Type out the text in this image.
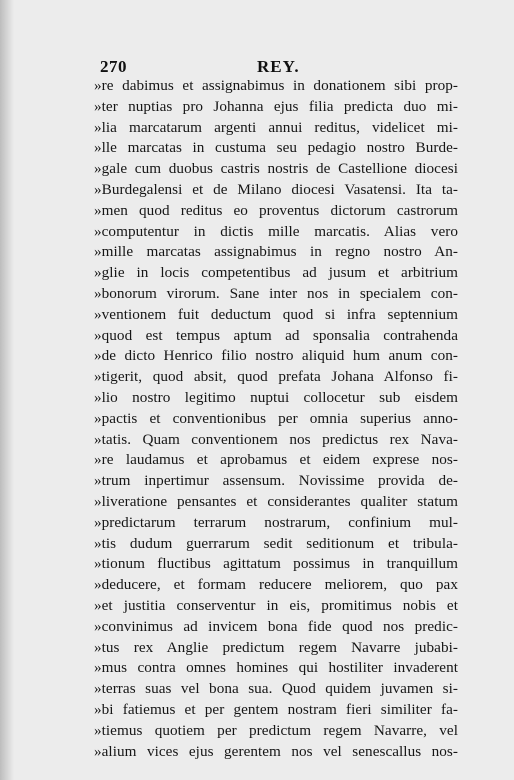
270	REY.
»re dabimus et assignabimus in donationem sibi prop-
»ter nuptias pro Johanna ejus filia predicta duo mi-
»lia marcatarum argenti annui reditus, videlicet mi-
»lle marcatas in custuma seu pedagio nostro Burde-
»gale cum duobus castris nostris de Castellione diocesi
»Burdegalensi et de Milano diocesi Vasatensi. Ita ta-
»men quod reditus eo proventus dictorum castrorum
»computentur in dictis mille marcatis. Alias vero
»mille marcatas assignabimus in regno nostro An-
»glie in locis competentibus ad jusum et arbitrium
»bonorum virorum. Sane inter nos in specialem con-
»ventionem fuit deductum quod si infra septennium
»quod est tempus aptum ad sponsalia contrahenda
»de dicto Henrico filio nostro aliquid hum anum con-
»tigerit, quod absit, quod prefata Johana Alfonso fi-
»lio nostro legitimo nuptui collocetur sub eisdem
»pactis et conventionibus per omnia superius anno-
»tatis. Quam conventionem nos predictus rex Nava-
»re laudamus et aprobamus et eidem exprese nos-
»trum inpertimur assensum. Novissime provida de-
»liveratione pensantes et considerantes qualiter statum
»predictarum terrarum nostrarum, confinium mul-
»tis dudum guerrarum sedit seditionum et tribula-
»tionum fluctibus agittatum possimus in tranquillum
»deducere, et formam reducere meliorem, quo pax
»et justitia conserventur in eis, promitimus nobis et
»convinimus ad invicem bona fide quod nos predic-
»tus rex Anglie predictum regem Navarre jubabi-
»mus contra omnes homines qui hostiliter invaderent
»terras suas vel bona sua. Quod quidem juvamen si-
»bi fatiemus et per gentem nostram fieri similiter fa-
»tiemus quotiem per predictum regem Navarre, vel
»alium vices ejus gerentem nos vel senescallus nos-
